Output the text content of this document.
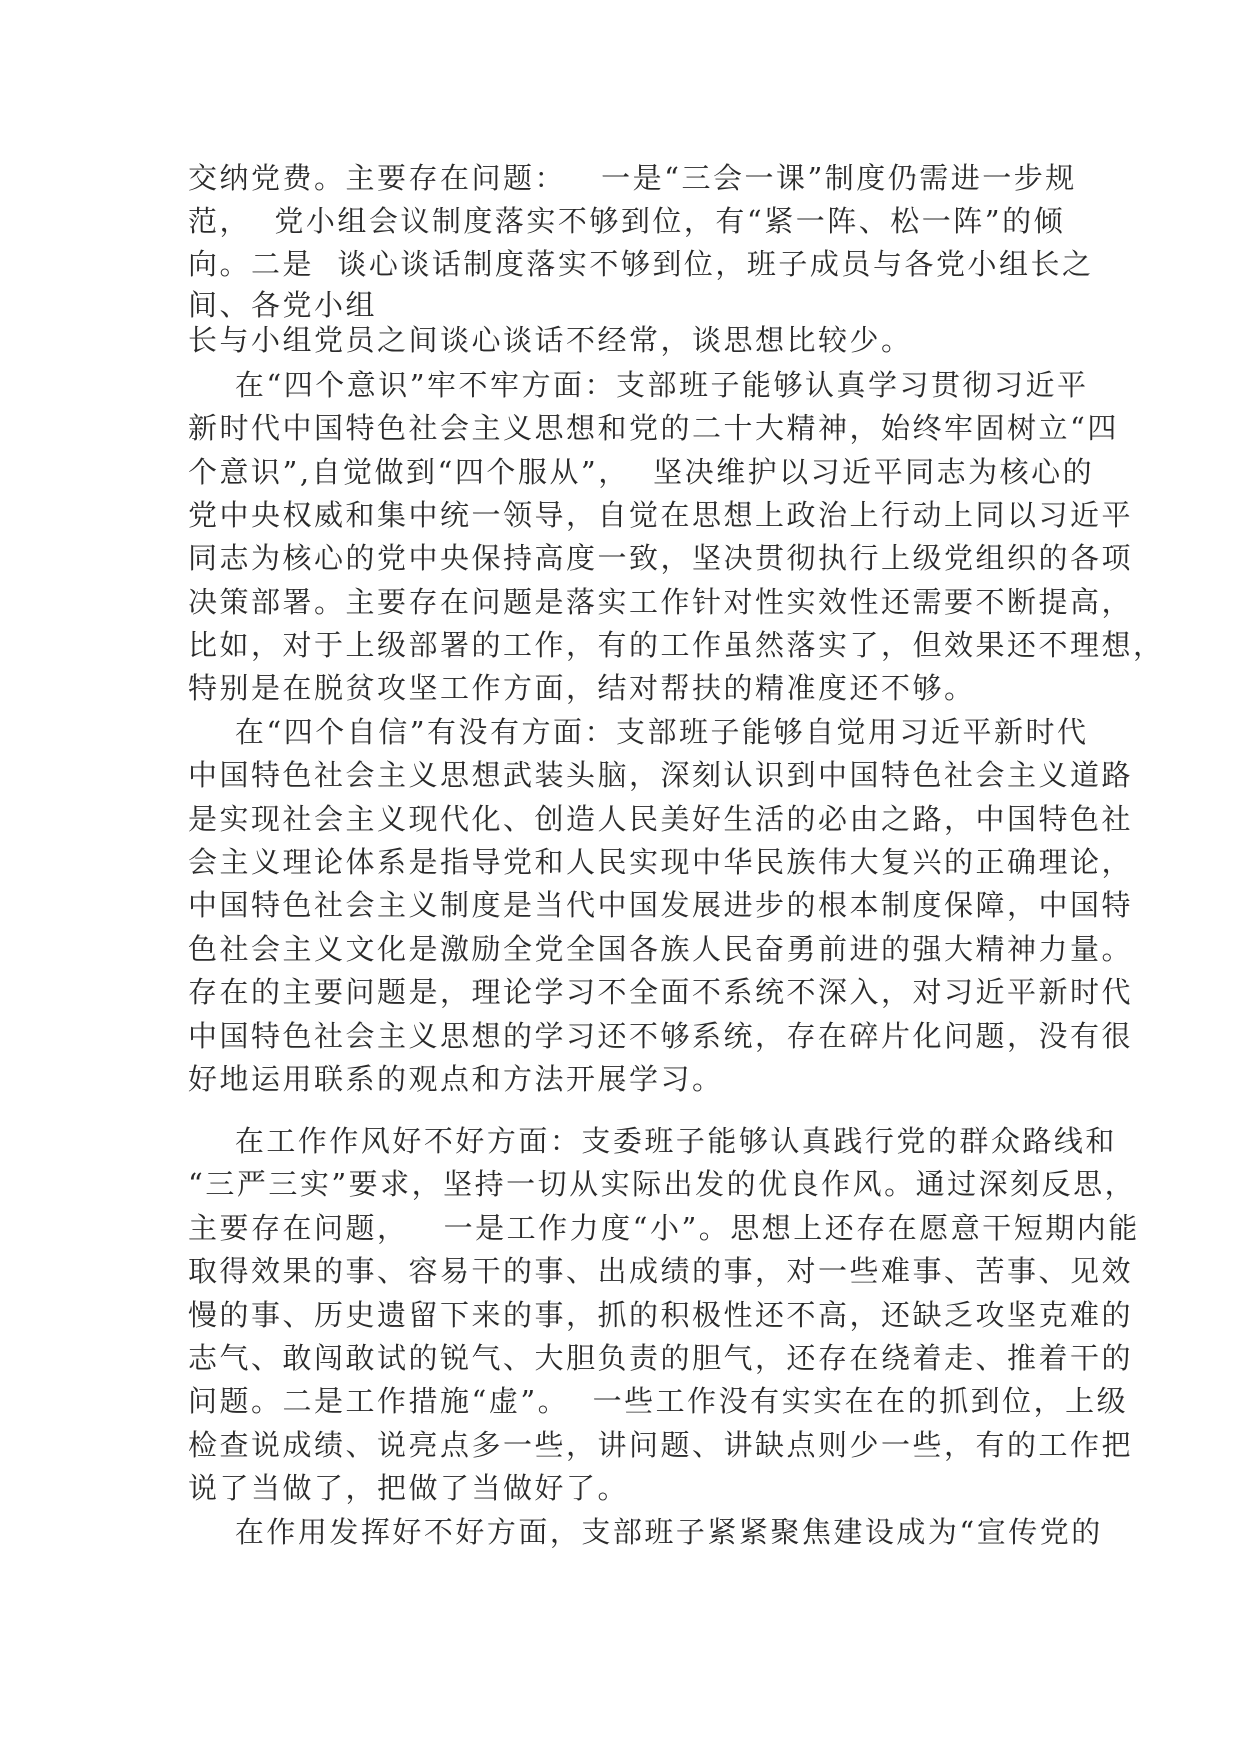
交纳党费。主要存在问题：   一是“三会一课”制度仍需进一步规
范，  党小组会议制度落实不够到位，有“紧一阵、松一阵”的倾
向。二是  谈心谈话制度落实不够到位，班子成员与各党小组长之
间、各党小组
长与小组党员之间谈心谈话不经常，谈思想比较少。
在“四个意识”牢不牢方面：支部班子能够认真学习贯彻习近平
新时代中国特色社会主义思想和党的二十大精神，始终牢固树立“四
个意识”,自觉做到“四个服从”，  坚决维护以习近平同志为核心的
党中央权威和集中统一领导，自觉在思想上政治上行动上同以习近平
同志为核心的党中央保持高度一致，坚决贯彻执行上级党组织的各项
决策部署。主要存在问题是落实工作针对性实效性还需要不断提高，
比如，对于上级部署的工作，有的工作虽然落实了，但效果还不理想，
特别是在脱贫攻坚工作方面，结对帮扶的精准度还不够。
在“四个自信”有没有方面：支部班子能够自觉用习近平新时代
中国特色社会主义思想武装头脑，深刻认识到中国特色社会主义道路
是实现社会主义现代化、创造人民美好生活的必由之路，中国特色社
会主义理论体系是指导党和人民实现中华民族伟大复兴的正确理论，
中国特色社会主义制度是当代中国发展进步的根本制度保障，中国特
色社会主义文化是激励全党全国各族人民奋勇前进的强大精神力量。
存在的主要问题是，理论学习不全面不系统不深入，对习近平新时代
中国特色社会主义思想的学习还不够系统，存在碎片化问题，没有很
好地运用联系的观点和方法开展学习。
在工作作风好不好方面：支委班子能够认真践行党的群众路线和
“三严三实”要求，坚持一切从实际出发的优良作风。通过深刻反思，
主要存在问题，   一是工作力度“小”。思想上还存在愿意干短期内能
取得效果的事、容易干的事、出成绩的事，对一些难事、苦事、见效
慢的事、历史遗留下来的事，抓的积极性还不高，还缺乏攻坚克难的
志气、敢闯敢试的锐气、大胆负责的胆气，还存在绕着走、推着干的
问题。二是工作措施“虚”。  一些工作没有实实在在的抓到位，上级
检查说成绩、说亮点多一些，讲问题、讲缺点则少一些，有的工作把
说了当做了，把做了当做好了。
在作用发挥好不好方面，支部班子紧紧聚焦建设成为“宣传党的
